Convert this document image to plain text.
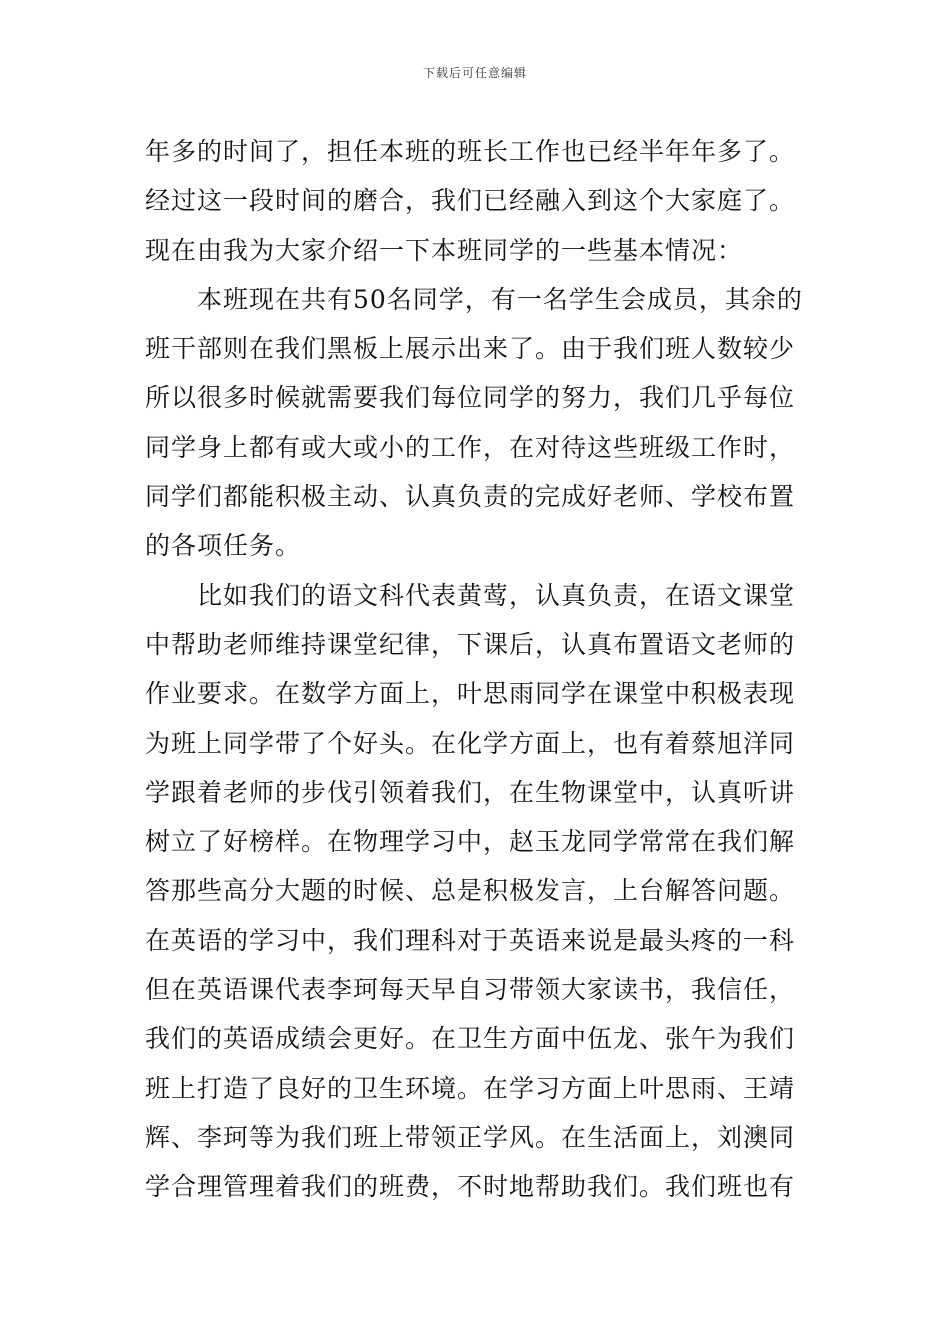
下载后可任意编辑
年多的时间了，担任本班的班长工作也已经半年年多了。
经过这一段时间的磨合，我们已经融入到这个大家庭了。
现在由我为大家介绍一下本班同学的一些基本情况：
本班现在共有50名同学，有一名学生会成员，其余的
班干部则在我们黑板上展示出来了。由于我们班人数较少
所以很多时候就需要我们每位同学的努力，我们几乎每位
同学身上都有或大或小的工作，在对待这些班级工作时，
同学们都能积极主动、认真负责的完成好老师、学校布置
的各项任务。
比如我们的语文科代表黄莺，认真负责，在语文课堂
中帮助老师维持课堂纪律，下课后，认真布置语文老师的
作业要求。在数学方面上，叶思雨同学在课堂中积极表现
为班上同学带了个好头。在化学方面上，也有着蔡旭洋同
学跟着老师的步伐引领着我们，在生物课堂中，认真听讲
树立了好榜样。在物理学习中，赵玉龙同学常常在我们解
答那些高分大题的时候、总是积极发言，上台解答问题。
在英语的学习中，我们理科对于英语来说是最头疼的一科
但在英语课代表李珂每天早自习带领大家读书，我信任，
我们的英语成绩会更好。在卫生方面中伍龙、张午为我们
班上打造了良好的卫生环境。在学习方面上叶思雨、王靖
辉、李珂等为我们班上带领正学风。在生活面上，刘澳同
学合理管理着我们的班费，不时地帮助我们。我们班也有
